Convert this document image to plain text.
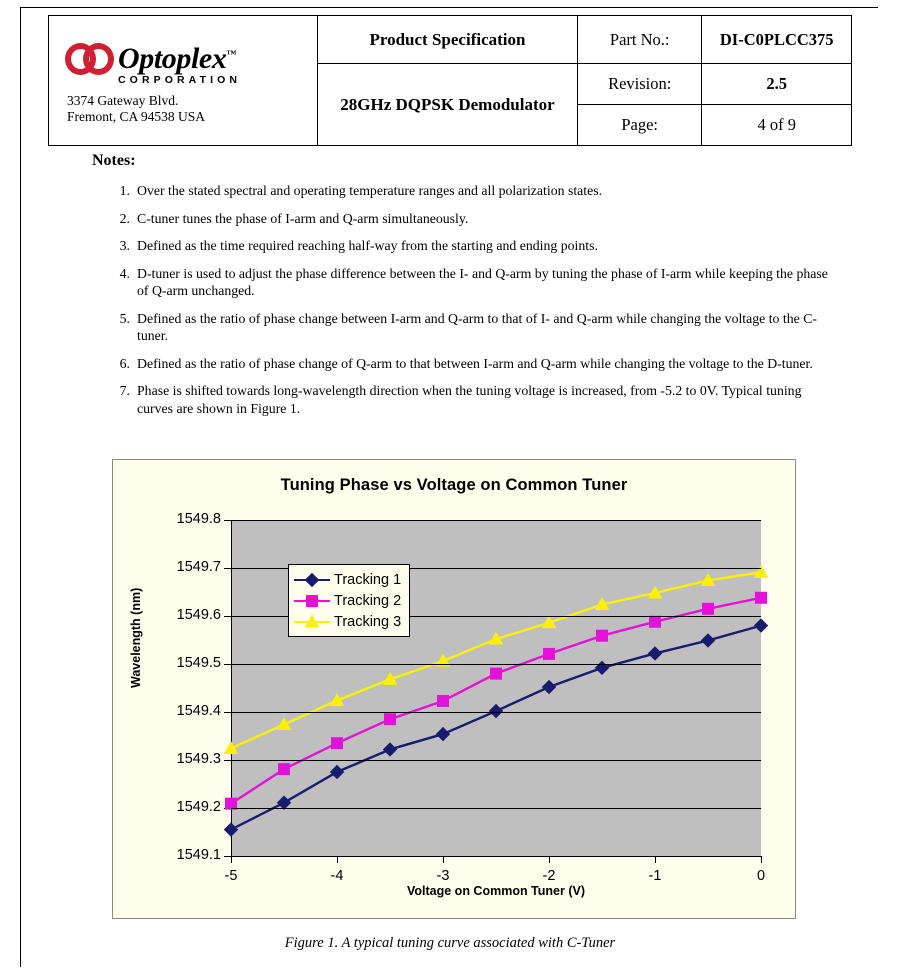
Optoplex™
CORPORATION
3374 Gateway Blvd.
Fremont, CA 94538 USA	Product Specification	Part No.:	DI-C0PLCC375
	28GHz DQPSK Demodulator	Revision:	2.5
		Page:	4 of 9
Notes:
1. Over the stated spectral and operating temperature ranges and all polarization states.
2. C-tuner tunes the phase of I-arm and Q-arm simultaneously.
3. Defined as the time required reaching half-way from the starting and ending points.
4. D-tuner is used to adjust the phase difference between the I- and Q-arm by tuning the phase of I-arm while keeping the phase of Q-arm unchanged.
5. Defined as the ratio of phase change between I-arm and Q-arm to that of I- and Q-arm while changing the voltage to the C-tuner.
6. Defined as the ratio of phase change of Q-arm to that between I-arm and Q-arm while changing the voltage to the D-tuner.
7. Phase is shifted towards long-wavelength direction when the tuning voltage is increased, from -5.2 to 0V. Typical tuning curves are shown in Figure 1.
Tuning Phase vs Voltage on Common Tuner
Wavelength (nm)
Voltage on Common Tuner (V)
1549.1
1549.2
1549.3
1549.4
1549.5
1549.6
1549.7
1549.8
-5	-4	-3	-2	-1	0
Tracking 1
Tracking 2
Tracking 3
Figure 1. A typical tuning curve associated with C-Tuner
